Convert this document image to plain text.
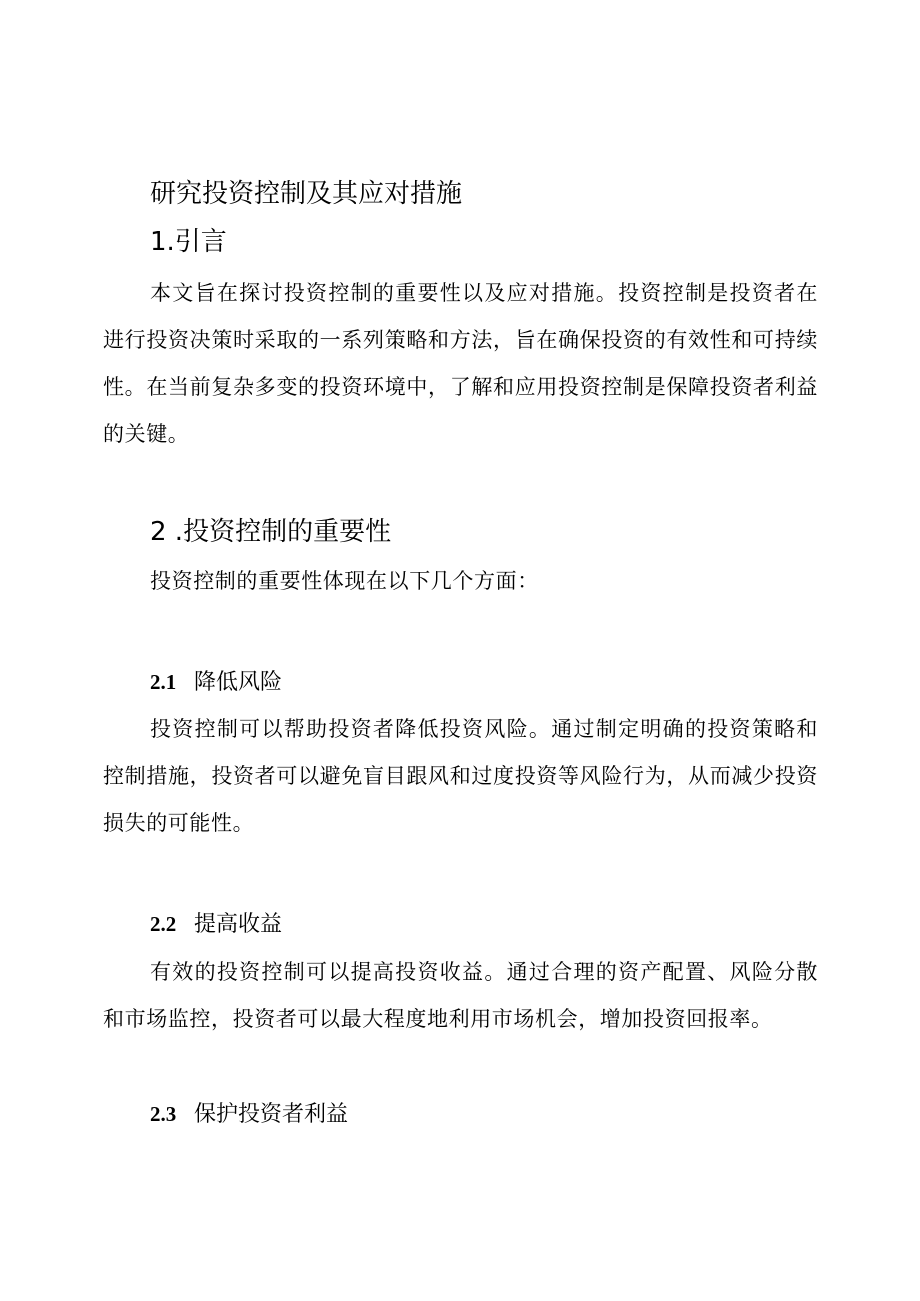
研究投资控制及其应对措施
1.引言

本文旨在探讨投资控制的重要性以及应对措施。投资控制是投资者在进行投资决策时采取的一系列策略和方法，旨在确保投资的有效性和可持续性。在当前复杂多变的投资环境中，了解和应用投资控制是保障投资者利益的关键。

2 .投资控制的重要性

投资控制的重要性体现在以下几个方面：

2.1 降低风险

投资控制可以帮助投资者降低投资风险。通过制定明确的投资策略和控制措施，投资者可以避免盲目跟风和过度投资等风险行为，从而减少投资损失的可能性。

2.2 提高收益

有效的投资控制可以提高投资收益。通过合理的资产配置、风险分散和市场监控，投资者可以最大程度地利用市场机会，增加投资回报率。

2.3 保护投资者利益
